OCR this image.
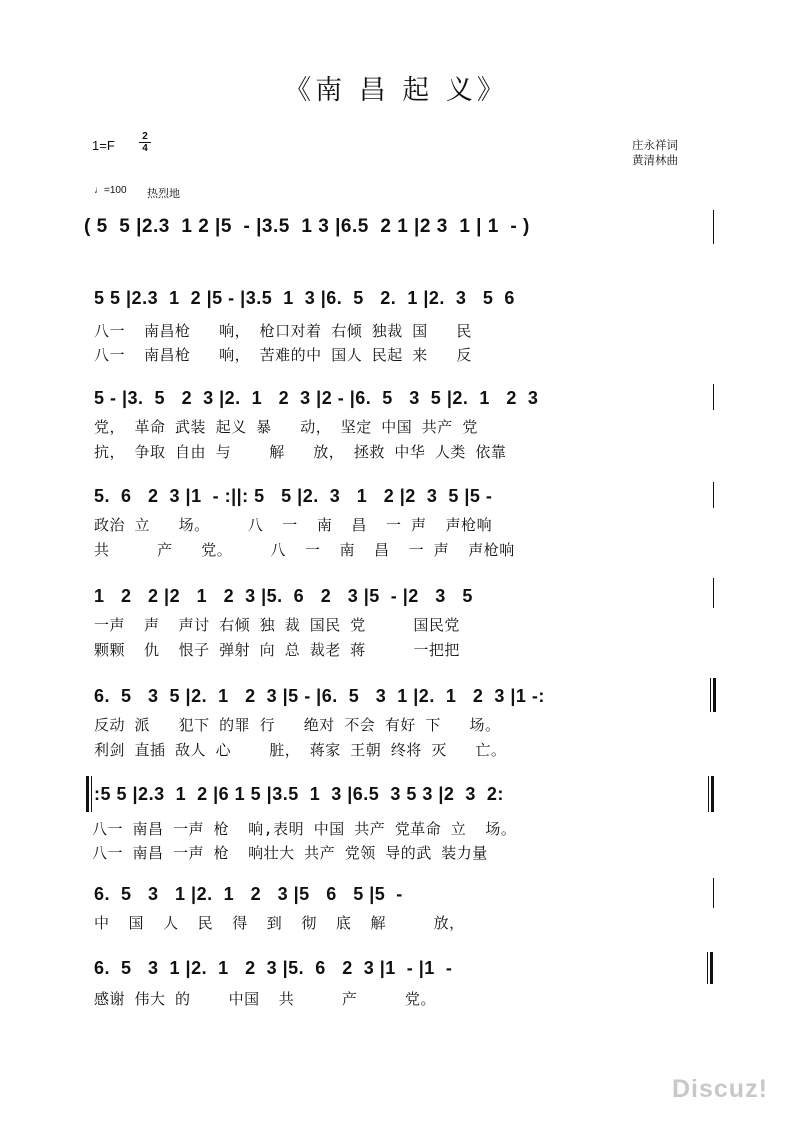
《南 昌 起 义》
$1=F \frac{2}{4}$	庄永祥词
黄清林曲
♩=100 热烈地
( 5  5 |2.3  1 2 |5  - |3.5  1 3 |6.5  2 1 |2 3  1 | 1  - )
5 5 |2.3  1  2 |5 - |3.5  1  3 |6.  5   2.  1 |2.  3   5  6
八一  南昌枪   响， 枪口对着 右倾 独裁 国   民
八一  南昌枪   响， 苦难的中 国人 民起 来   反
5 - |3.  5   2  3 |2.  1   2  3 |2 - |6.  5   3  5 |2.  1   2  3
党， 革命 武装 起义 暴   动， 坚定 中国 共产 党
抗， 争取 自由 与    解   放， 拯救 中华 人类 依靠
5.  6   2  3 |1  - :||: 5   5 |2.  3   1   2 |2  3  5 |5 -
政治 立   场。    八  一  南  昌  一 声  声枪响
共     产   党。    八  一  南  昌  一 声  声枪响
1   2   2 |2   1   2  3 |5.  6   2   3 |5  - |2   3   5
一声  声  声讨 右倾 独 裁 国民 党     国民党
颗颗  仇  恨子 弹射 向 总 裁老 蒋     一把把
6.  5   3  5 |2.  1   2  3 |5 - |6.  5   3  1 |2.  1   2  3 |1 -:
反动 派   犯下 的罪 行   绝对 不会 有好 下   场。
利剑 直插 敌人 心    脏， 蒋家 王朝 终将 灭   亡。
:5 5 |2.3  1  2 |6 1 5 |3.5  1  3 |6.5  3 5 3 |2  3  2:
八一 南昌 一声 枪  响,表明 中国 共产 党革命 立  场。
八一 南昌 一声 枪  响壮大 共产 党领 导的武 装力量
6.  5   3   1 |2.  1   2   3 |5   6   5 |5  -
中  国  人  民  得  到  彻  底  解     放，
6.  5   3  1 |2.  1   2  3 |5.  6   2  3 |1  - |1  -
感谢 伟大 的    中国  共     产     党。
Discuz!
